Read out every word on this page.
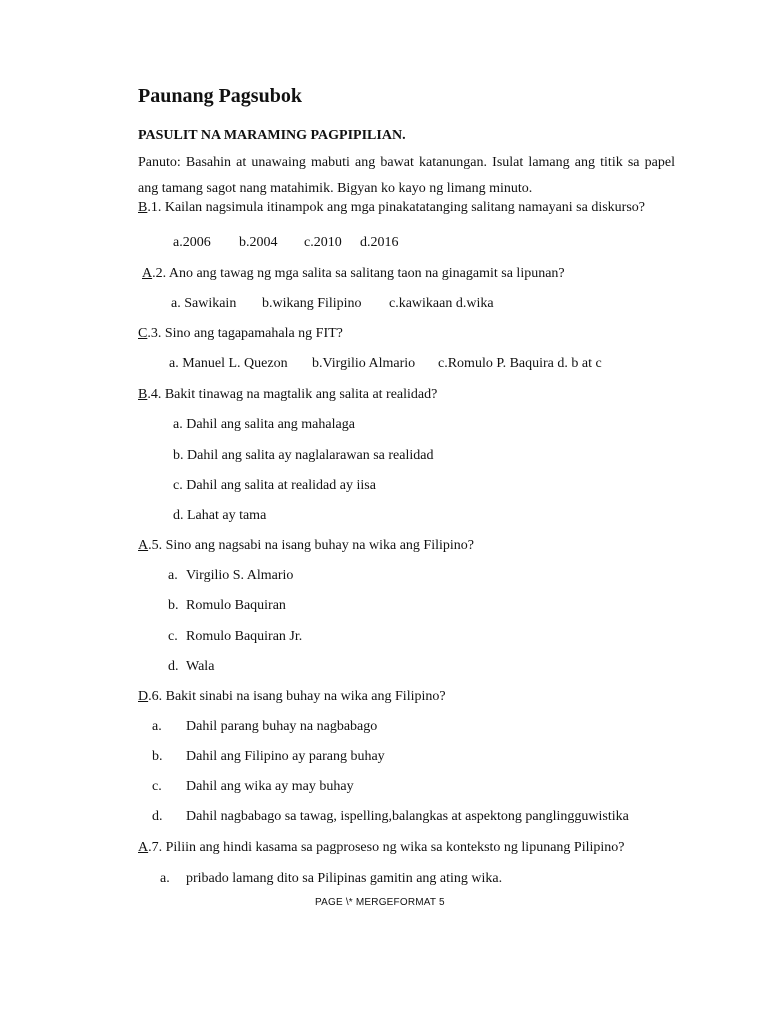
Paunang Pagsubok
PASULIT NA MARAMING PAGPIPILIAN.
Panuto: Basahin at unawaing mabuti ang bawat katanungan. Isulat lamang ang titik sa papel ang tamang sagot nang matahimik. Bigyan ko kayo ng limang minuto.
B.1. Kailan nagsimula itinampok ang mga pinakatatanging salitang namayani sa diskurso?
a.2006 b.2004 c.2010 d.2016
A.2. Ano ang tawag ng mga salita sa salitang taon na ginagamit sa lipunan?
a. Sawikain b.wikang Filipino c.kawikaan d.wika
C.3. Sino ang tagapamahala ng FIT?
a. Manuel L. Quezon b.Virgilio Almario c.Romulo P. Baquira d. b at c
B.4. Bakit tinawag na magtalik ang salita at realidad?
a. Dahil ang salita ang mahalaga
b. Dahil ang salita ay naglalarawan sa realidad
c. Dahil ang salita at realidad ay iisa
d. Lahat ay tama
A.5. Sino ang nagsabi na isang buhay na wika ang Filipino?
a. Virgilio S. Almario
b. Romulo Baquiran
c. Romulo Baquiran Jr.
d. Wala
D.6. Bakit sinabi na isang buhay na wika ang Filipino?
a. Dahil parang buhay na nagbabago
b. Dahil ang Filipino ay parang buhay
c. Dahil ang wika ay may buhay
d. Dahil nagbabago sa tawag, ispelling,balangkas at aspektong panglingguwistika
A.7. Piliin ang hindi kasama sa pagproseso ng wika sa konteksto ng lipunang Pilipino?
a. pribado lamang dito sa Pilipinas gamitin ang ating wika.
PAGE \* MERGEFORMAT 5
